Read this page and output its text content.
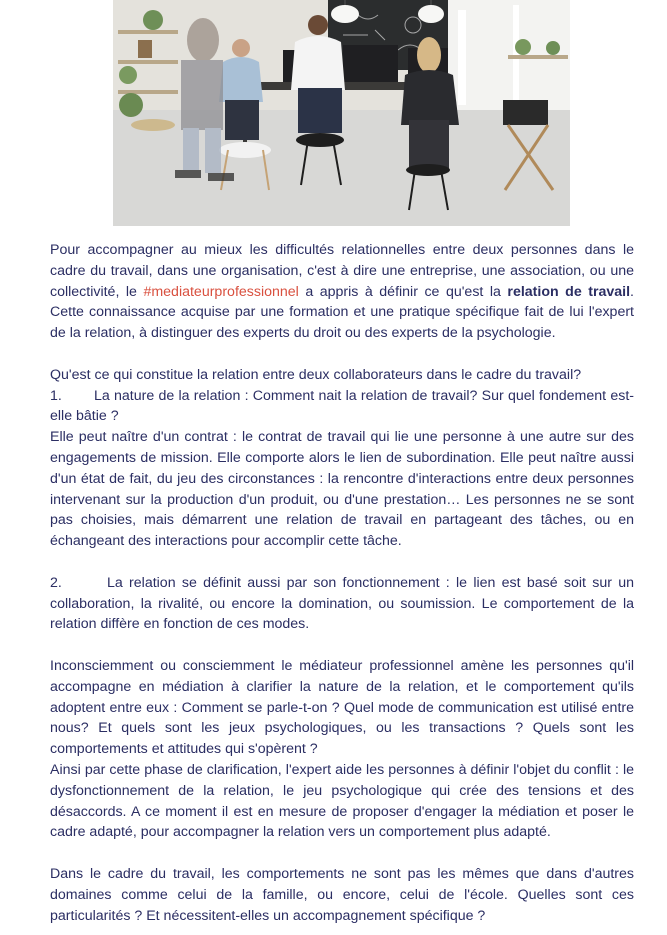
Pour accompagner au mieux les difficultés relationnelles entre deux personnes dans le cadre du travail, dans une organisation, c'est à dire une entreprise, une association, ou une collectivité, le #mediateurprofessionnel a appris à définir ce qu'est la relation de travail. Cette connaissance acquise par une formation et une pratique spécifique fait de lui l'expert de la relation, à distinguer des experts du droit ou des experts de la psychologie.

Qu'est ce qui constitue la relation entre deux collaborateurs dans le cadre du travail?

1. La nature de la relation : Comment nait la relation de travail? Sur quel fondement est-elle bâtie ?

Elle peut naître d'un contrat : le contrat de travail qui lie une personne à une autre sur des engagements de mission. Elle comporte alors le lien de subordination. Elle peut naître aussi d'un état de fait, du jeu des circonstances : la rencontre d'interactions entre deux personnes intervenant sur la production d'un produit, ou d'une prestation… Les personnes ne se sont pas choisies, mais démarrent une relation de travail en partageant des tâches, ou en échangeant des interactions pour accomplir cette tâche.

2.	La relation se définit aussi par son fonctionnement : le lien est basé soit sur un collaboration, la rivalité, ou encore la domination, ou soumission. Le comportement de la relation diffère en fonction de ces modes.

Inconsciemment ou consciemment le médiateur professionnel amène les personnes qu'il accompagne en médiation à clarifier la nature de la relation, et le comportement qu'ils adoptent entre eux : Comment se parle-t-on ? Quel mode de communication est utilisé entre nous? Et quels sont les jeux psychologiques, ou les transactions ? Quels sont les comportements et attitudes qui s'opèrent ?

Ainsi par cette phase de clarification, l'expert aide les personnes à définir l'objet du conflit : le dysfonctionnement de la relation, le jeu psychologique qui crée des tensions et des désaccords. A ce moment il est en mesure de proposer d'engager la médiation et poser le cadre adapté, pour accompagner la relation vers un comportement plus adapté.

Dans le cadre du travail, les comportements ne sont pas les mêmes que dans d'autres domaines comme celui de la famille, ou encore, celui de l'école. Quelles sont ces particularités ? Et nécessitent-elles un accompagnement spécifique ?
